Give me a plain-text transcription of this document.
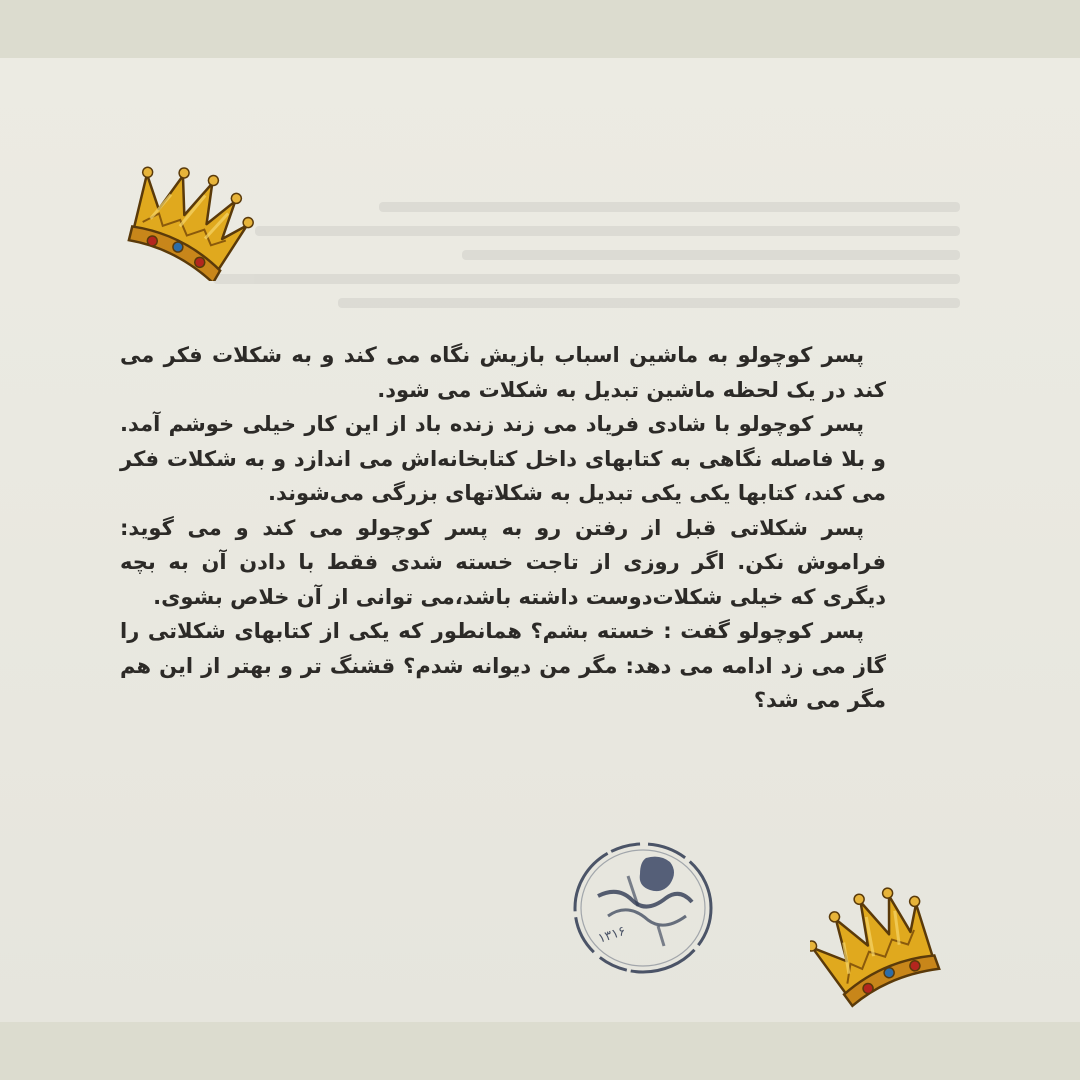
پسر کوچولو به ماشین اسباب بازیش نگاه می کند و به شکلات فکر می کند در یک لحظه ماشین تبدیل به شکلات می شود.

پسر کوچولو با شادی فریاد می زند زنده باد از این کار خیلی خوشم آمد. و بلا فاصله نگاهی به کتابهای داخل کتابخانه‌اش می اندازد و به شکلات فکر می کند، کتابها یکی یکی تبدیل به شکلاتهای بزرگی می‌شوند.

پسر شکلاتی قبل از رفتن رو به پسر کوچولو می کند و می گوید: فراموش نکن. اگر روزی از تاجت خسته شدی فقط با دادن آن به بچه دیگری که خیلی شکلات‌دوست داشته باشد،می توانی از آن خلاص بشوی.

پسر کوچولو گفت : خسته بشم؟ همانطور که یکی از کتابهای شکلاتی را گاز می زد ادامه می دهد: مگر من دیوانه شدم؟ قشنگ تر و بهتر از این هم مگر می شد؟

۱۳۱۶
